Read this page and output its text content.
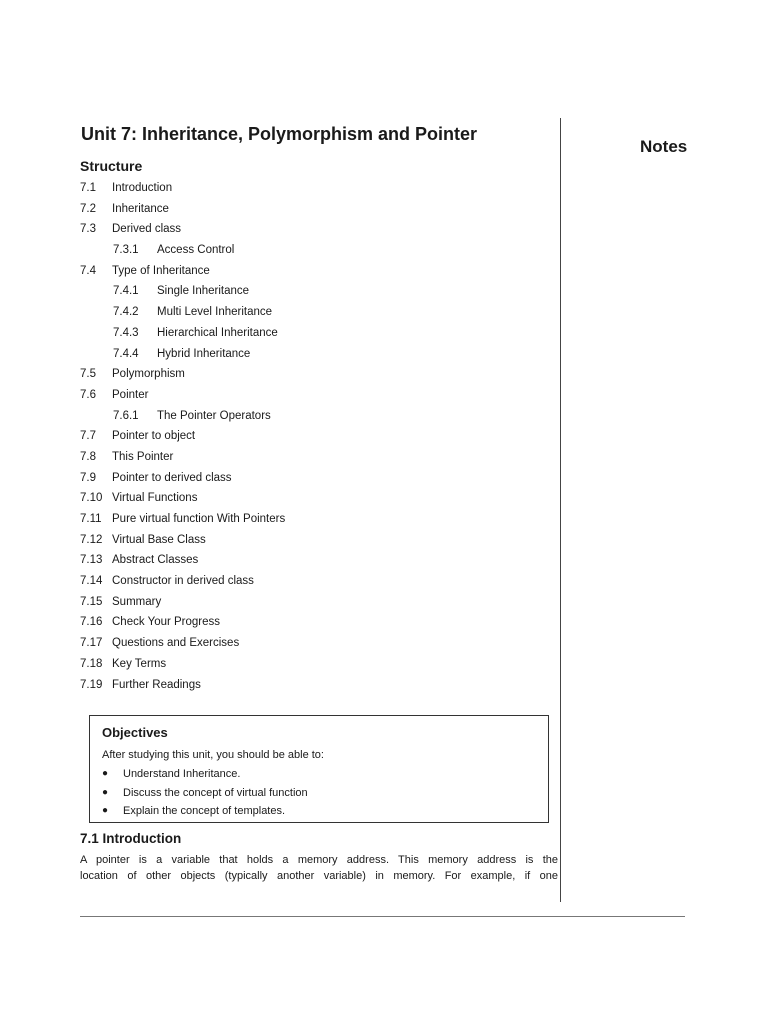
Unit 7: Inheritance, Polymorphism and Pointer
Notes
Structure
7.1 Introduction
7.2 Inheritance
7.3 Derived class
7.3.1 Access Control
7.4 Type of Inheritance
7.4.1 Single Inheritance
7.4.2 Multi Level Inheritance
7.4.3 Hierarchical Inheritance
7.4.4 Hybrid Inheritance
7.5 Polymorphism
7.6 Pointer
7.6.1 The Pointer Operators
7.7 Pointer to object
7.8 This Pointer
7.9 Pointer to derived class
7.10 Virtual Functions
7.11 Pure virtual function With Pointers
7.12 Virtual Base Class
7.13 Abstract Classes
7.14 Constructor in derived class
7.15 Summary
7.16 Check Your Progress
7.17 Questions and Exercises
7.18 Key Terms
7.19 Further Readings
Objectives
After studying this unit, you should be able to:
● Understand Inheritance.
● Discuss the concept of virtual function
● Explain the concept of templates.
7.1 Introduction

A pointer is a variable that holds a memory address. This memory address is the
location of other objects (typically another variable) in memory. For example, if one
